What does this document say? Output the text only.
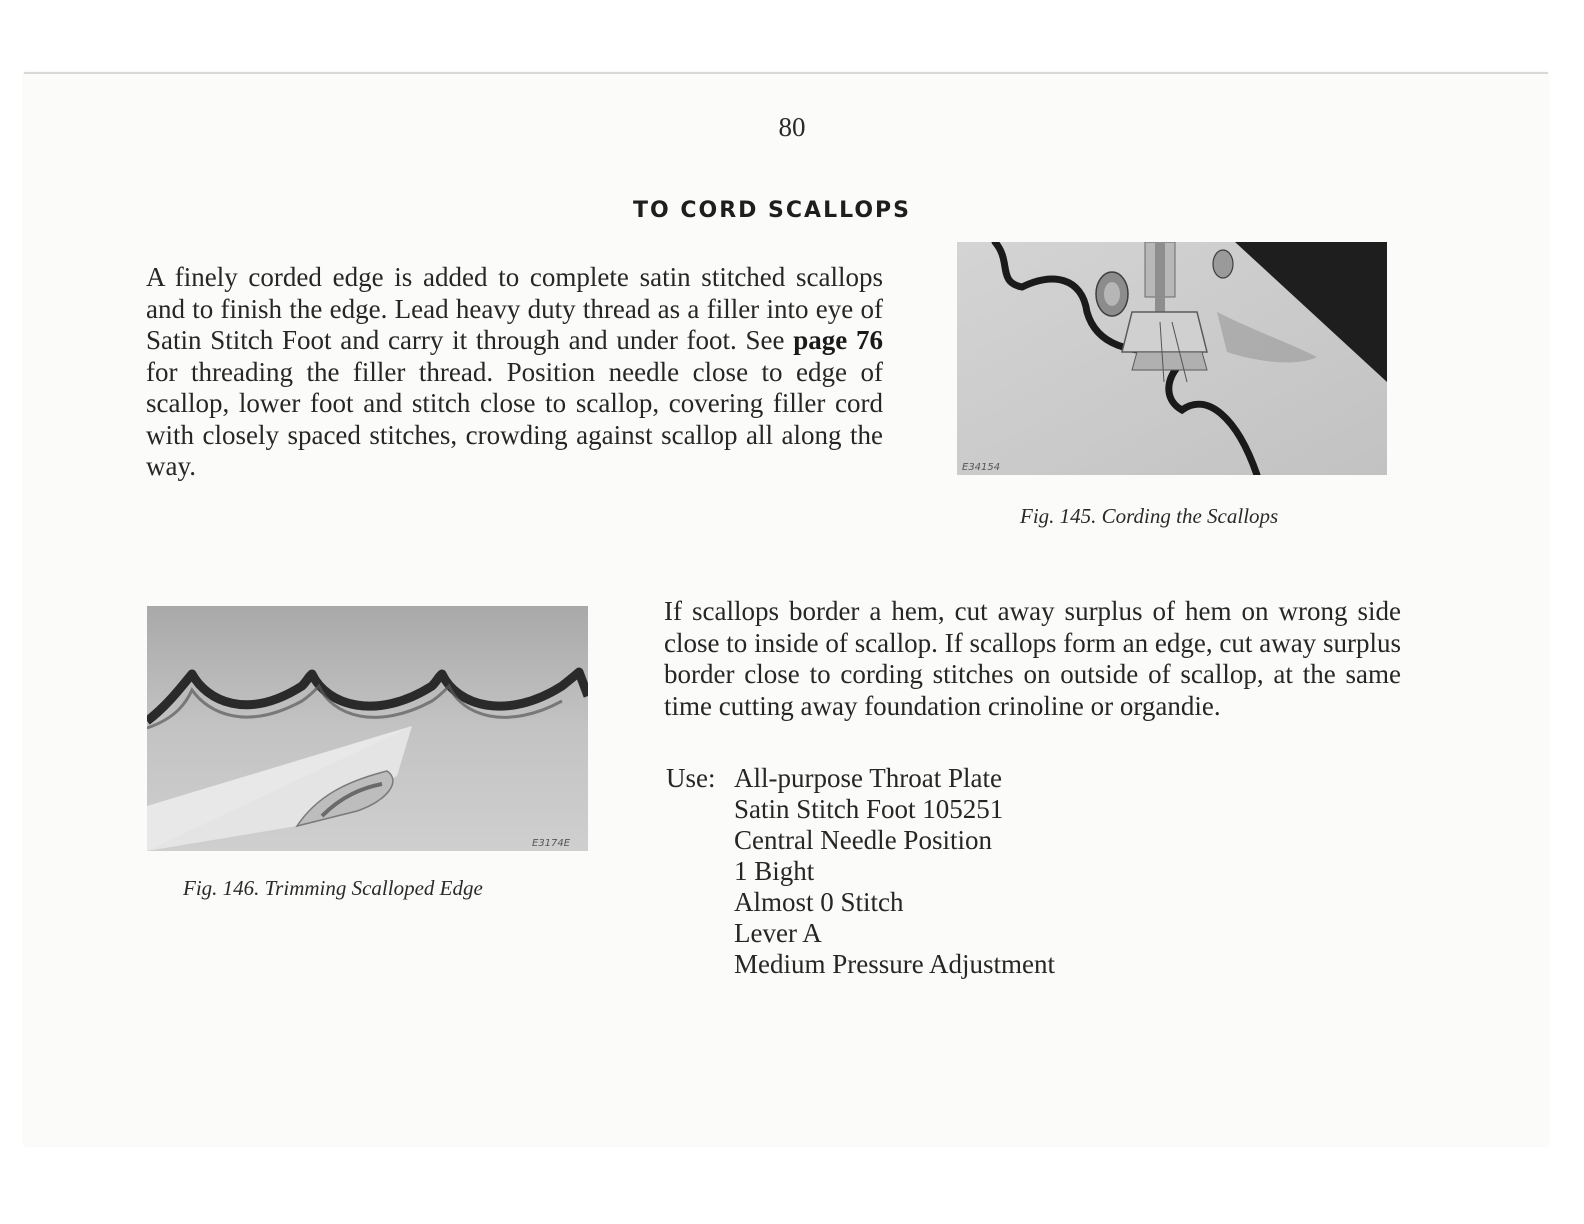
80
TO CORD SCALLOPS

A finely corded edge is added to complete satin stitched scallops and to finish the edge. Lead heavy duty thread as a filler into eye of Satin Stitch Foot and carry it through and under foot. See page 76 for threading the filler thread. Position needle close to edge of scallop, lower foot and stitch close to scallop, covering filler cord with closely spaced stitches, crowding against scallop all along the way.	E34154
Fig. 145. Cording the Scallops
E3174E
Fig. 146. Trimming Scalloped Edge

If scallops border a hem, cut away surplus of hem on wrong side close to inside of scallop. If scallops form an edge, cut away surplus border close to cording stitches on outside of scallop, at the same time cutting away foundation crinoline or organdie.

Use: All-purpose Throat Plate
Satin Stitch Foot 105251
Central Needle Position
1 Bight
Almost 0 Stitch
Lever A
Medium Pressure Adjustment
